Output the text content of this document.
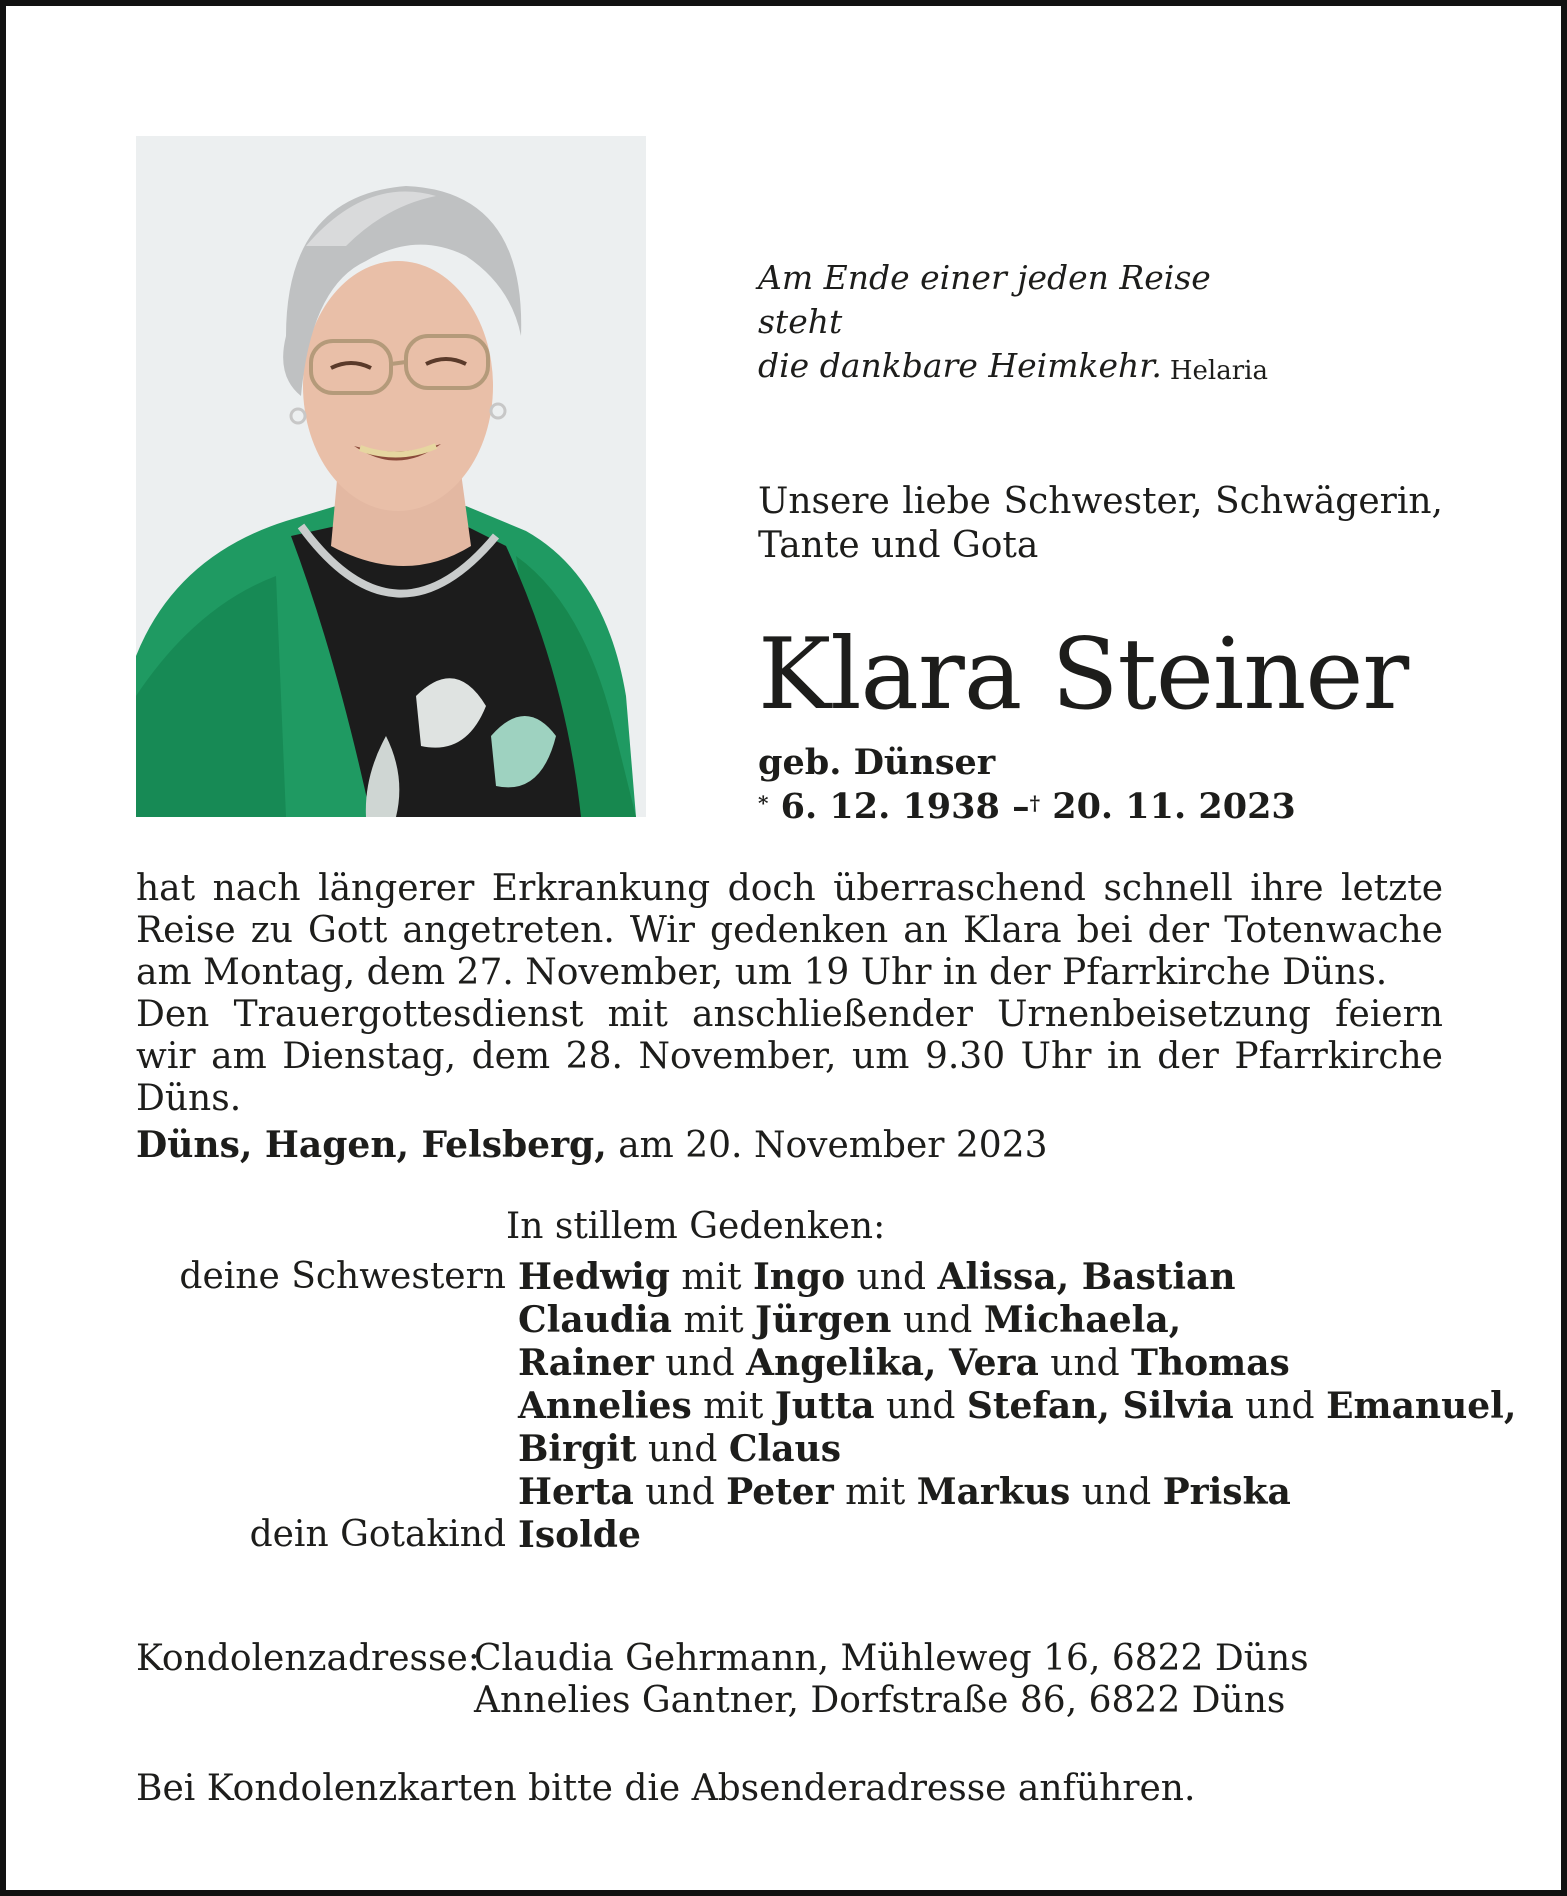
Am Ende einer jeden Reise steht
die dankbare Heimkehr. Helaria
Unsere liebe Schwester, Schwägerin, Tante und Gota
Klara Steiner
geb. Dünser
* 6. 12. 1938 –† 20. 11. 2023

hat nach längerer Erkrankung doch überraschend schnell ihre letzte Reise zu Gott angetreten. Wir gedenken an Klara bei der Totenwache am Montag, dem 27. November, um 19 Uhr in der Pfarrkirche Düns.

Den Trauergottesdienst mit anschließender Urnenbeisetzung feiern wir am Dienstag, dem 28. November, um 9.30 Uhr in der Pfarrkirche Düns.

Düns, Hagen, Felsberg, am 20. November 2023
In stillem Gedenken:
deine Schwestern Hedwig mit Ingo und Alissa, Bastian
Claudia mit Jürgen und Michaela,
Rainer und Angelika, Vera und Thomas
Annelies mit Jutta und Stefan, Silvia und Emanuel,
Birgit und Claus
Herta und Peter mit Markus und Priska
dein Gotakind Isolde
Kondolenzadresse:
Claudia Gehrmann, Mühleweg 16, 6822 Düns
Annelies Gantner, Dorfstraße 86, 6822 Düns
Bei Kondolenzkarten bitte die Absenderadresse anführen.
